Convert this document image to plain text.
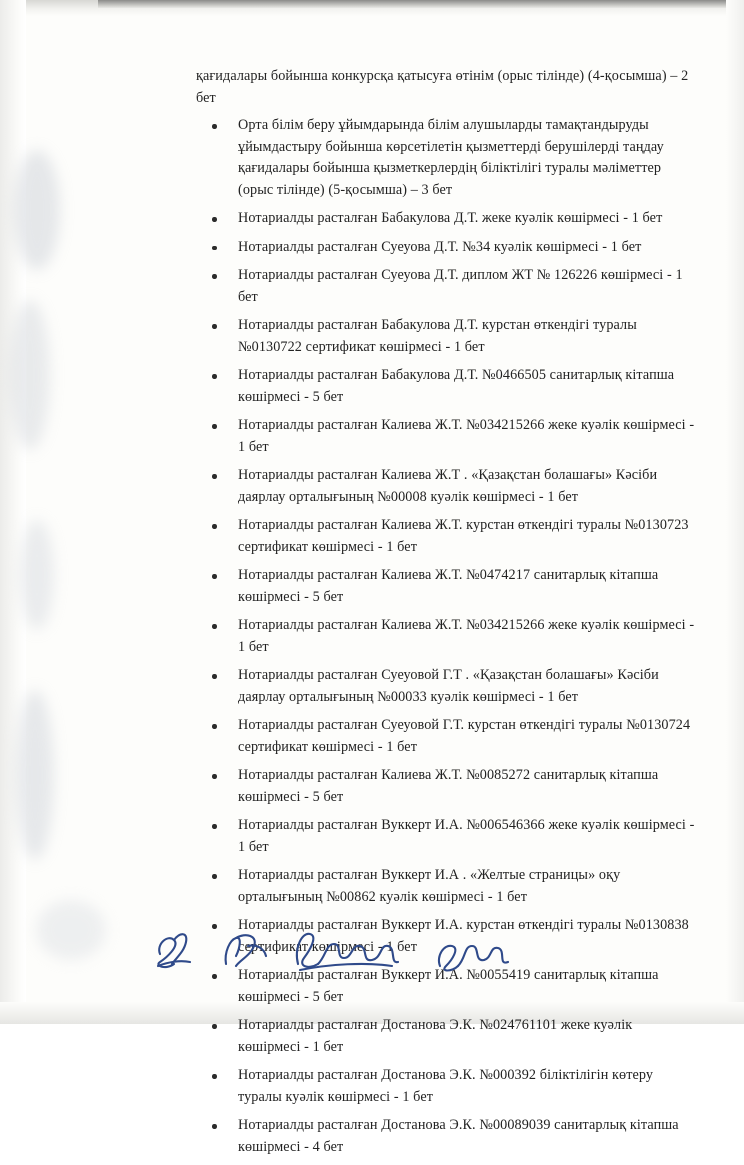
қағидалары бойынша конкурсқа қатысуға өтінім (орыс тілінде) (4-қосымша) – 2 бет

Орта білім беру ұйымдарында білім алушыларды тамақтандыруды ұйымдастыру бойынша көрсетілетін қызметтерді берушілерді таңдау қағидалары бойынша қызметкерлердің біліктілігі туралы мәліметтер (орыс тілінде) (5-қосымша) – 3 бет
Нотариалды расталған Бабакулова Д.Т. жеке куәлік көшірмесі - 1 бет
Нотариалды расталған Суеуова Д.Т. №34 куәлік көшірмесі - 1 бет
Нотариалды расталған Суеуова Д.Т. диплом ЖТ № 126226 көшірмесі - 1 бет
Нотариалды расталған Бабакулова Д.Т. курстан өткендігі туралы №0130722 сертификат көшірмесі - 1 бет
Нотариалды расталған Бабакулова Д.Т. №0466505 санитарлық кітапша көшірмесі - 5 бет
Нотариалды расталған Калиева Ж.Т. №034215266 жеке куәлік көшірмесі - 1 бет
Нотариалды расталған Калиева Ж.Т . «Қазақстан болашағы» Кәсіби даярлау орталығының №00008 куәлік көшірмесі - 1 бет
Нотариалды расталған Калиева Ж.Т. курстан өткендігі туралы №0130723 сертификат көшірмесі - 1 бет
Нотариалды расталған Калиева Ж.Т. №0474217 санитарлық кітапша көшірмесі - 5 бет
Нотариалды расталған Калиева Ж.Т. №034215266 жеке куәлік көшірмесі - 1 бет
Нотариалды расталған Суеуовой Г.Т . «Қазақстан болашағы» Кәсіби даярлау орталығының №00033 куәлік көшірмесі - 1 бет
Нотариалды расталған Суеуовой Г.Т. курстан өткендігі туралы №0130724 сертификат көшірмесі - 1 бет
Нотариалды расталған Калиева Ж.Т. №0085272 санитарлық кітапша көшірмесі - 5 бет
Нотариалды расталған Вуккерт И.А. №006546366 жеке куәлік көшірмесі - 1 бет
Нотариалды расталған Вуккерт И.А . «Желтые страницы» оқу орталығының №00862 куәлік көшірмесі - 1 бет
Нотариалды расталған Вуккерт И.А. курстан өткендігі туралы №0130838 сертификат көшірмесі - 1 бет
Нотариалды расталған Вуккерт И.А. №0055419 санитарлық кітапша көшірмесі - 5 бет
Нотариалды расталған Достанова Э.К. №024761101 жеке куәлік көшірмесі - 1 бет
Нотариалды расталған Достанова Э.К. №000392 біліктілігін көтеру туралы куәлік көшірмесі - 1 бет
Нотариалды расталған Достанова Э.К. №00089039 санитарлық кітапша көшірмесі - 4 бет
